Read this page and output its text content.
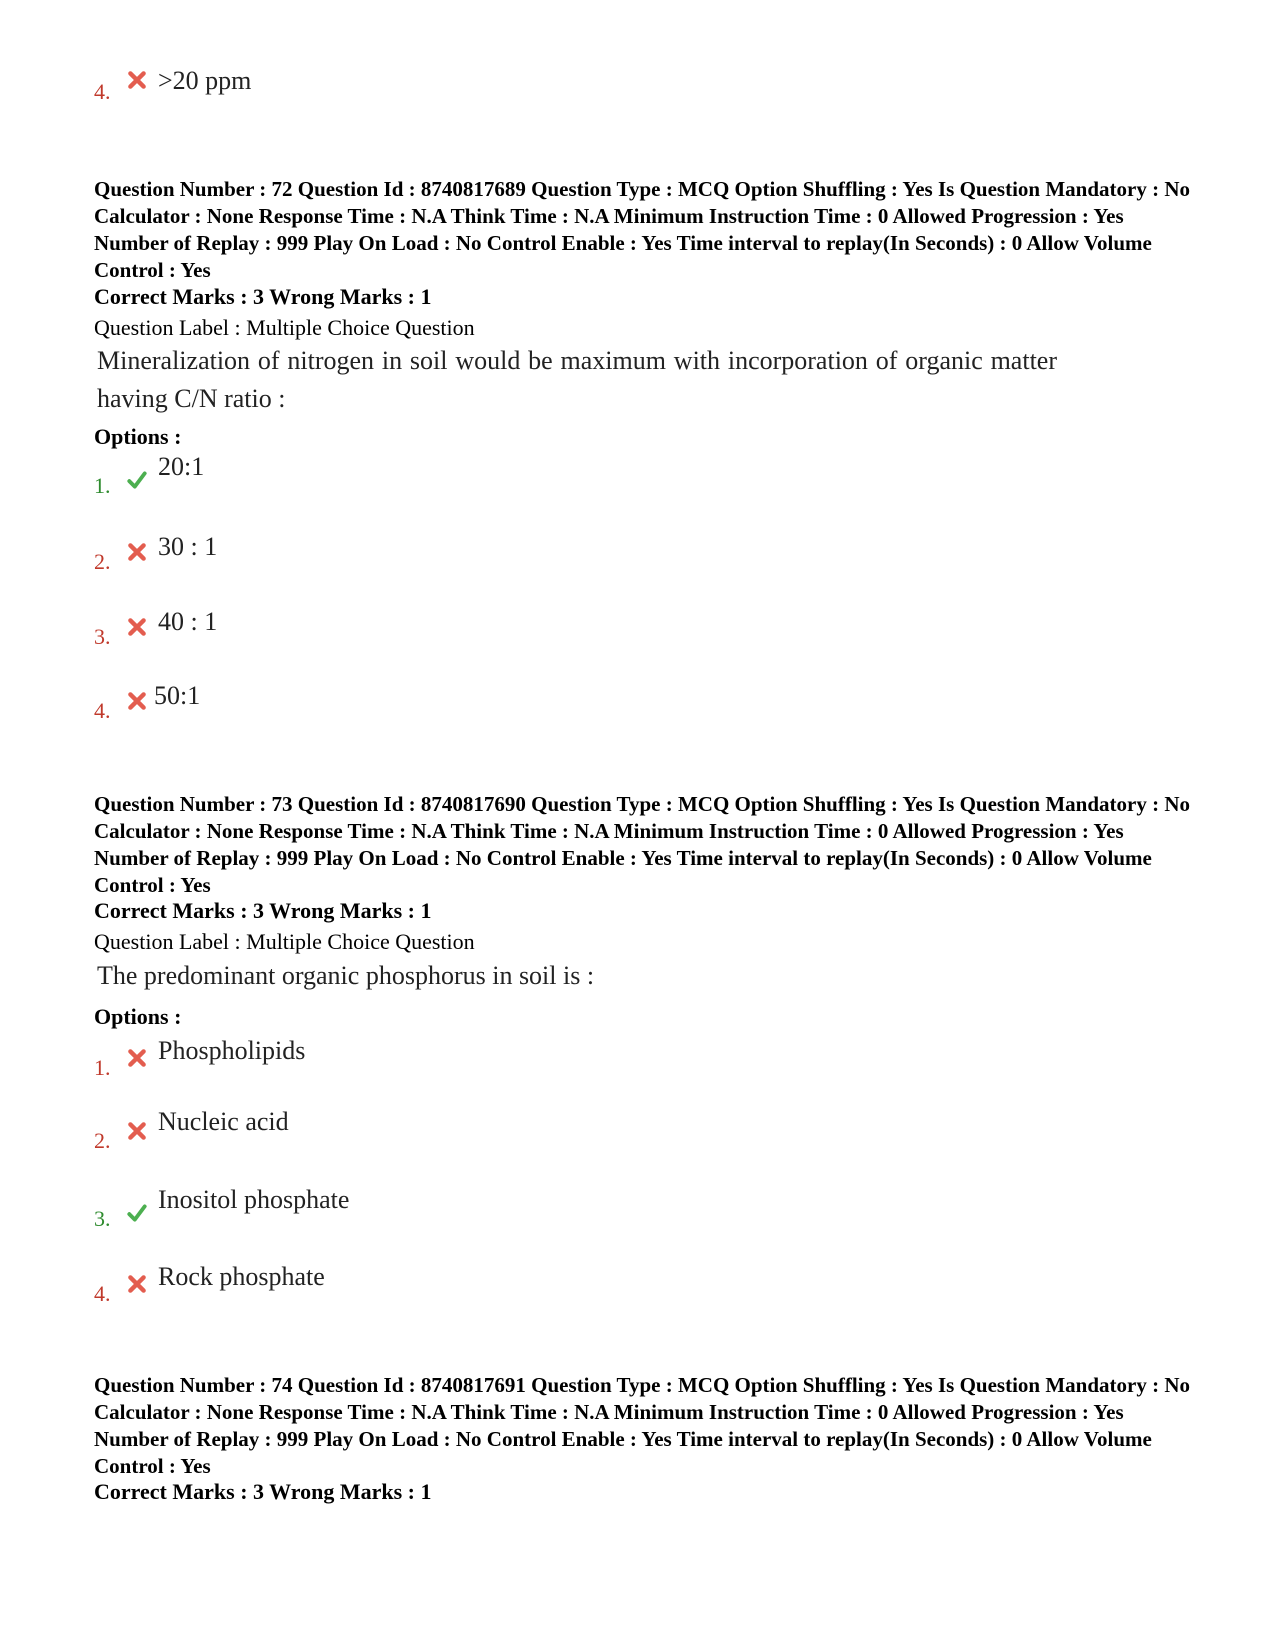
4. >20 ppm
Question Number : 72 Question Id : 8740817689 Question Type : MCQ Option Shuffling : Yes Is Question Mandatory : No Calculator : None Response Time : N.A Think Time : N.A Minimum Instruction Time : 0 Allowed Progression : Yes Number of Replay : 999 Play On Load : No Control Enable : Yes Time interval to replay(In Seconds) : 0 Allow Volume Control : Yes
Correct Marks : 3 Wrong Marks : 1
Question Label : Multiple Choice Question
Mineralization of nitrogen in soil would be maximum with incorporation of organic matter having C/N ratio :
Options :
1.  20:1
2.  30 : 1
3.  40 : 1
4.  50:1
Question Number : 73 Question Id : 8740817690 Question Type : MCQ Option Shuffling : Yes Is Question Mandatory : No Calculator : None Response Time : N.A Think Time : N.A Minimum Instruction Time : 0 Allowed Progression : Yes Number of Replay : 999 Play On Load : No Control Enable : Yes Time interval to replay(In Seconds) : 0 Allow Volume Control : Yes
Correct Marks : 3 Wrong Marks : 1
Question Label : Multiple Choice Question
The predominant organic phosphorus in soil is :
Options :
1.  Phospholipids
2.  Nucleic acid
3.  Inositol phosphate
4.  Rock phosphate
Question Number : 74 Question Id : 8740817691 Question Type : MCQ Option Shuffling : Yes Is Question Mandatory : No Calculator : None Response Time : N.A Think Time : N.A Minimum Instruction Time : 0 Allowed Progression : Yes Number of Replay : 999 Play On Load : No Control Enable : Yes Time interval to replay(In Seconds) : 0 Allow Volume Control : Yes
Correct Marks : 3 Wrong Marks : 1
